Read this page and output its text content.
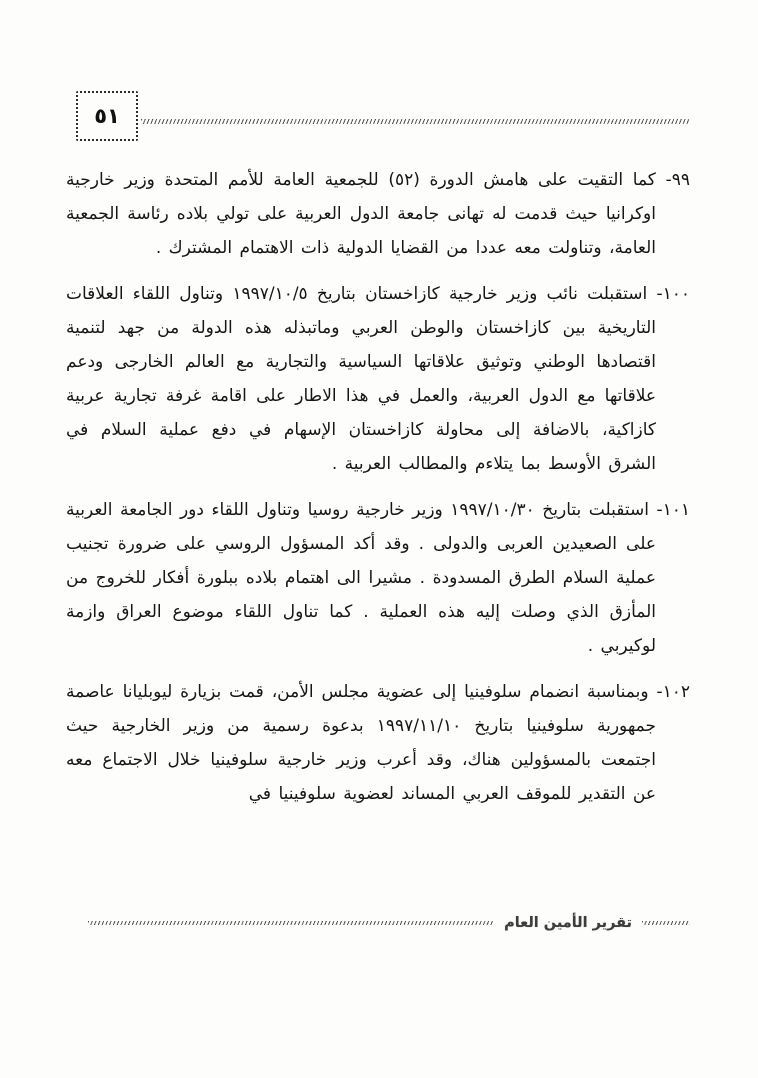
٥١

٩٩- كما التقيت على هامش الدورة (٥٢) للجمعية العامة للأمم المتحدة وزير خارجية اوكرانيا حيث قدمت له تهانى جامعة الدول العربية على تولي بلاده رئاسة الجمعية العامة، وتناولت معه عددا من القضايا الدولية ذات الاهتمام المشترك .

١٠٠- استقبلت نائب وزير خارجية كازاخستان بتاريخ ١٩٩٧/١٠/٥ وتناول اللقاء العلاقات التاريخية بين كازاخستان والوطن العربي وماتبذله هذه الدولة من جهد لتنمية اقتصادها الوطني وتوثيق علاقاتها السياسية والتجارية مع العالم الخارجى ودعم علاقاتها مع الدول العربية، والعمل في هذا الاطار على اقامة غرفة تجارية عربية كازاكية، بالاضافة إلى محاولة كازاخستان الإسهام في دفع عملية السلام في الشرق الأوسط بما يتلاءم والمطالب العربية .

١٠١- استقبلت بتاريخ ١٩٩٧/١٠/٣٠ وزير خارجية روسيا وتناول اللقاء دور الجامعة العربية على الصعيدين العربى والدولى . وقد أكد المسؤول الروسي على ضرورة تجنيب عملية السلام الطرق المسدودة . مشيرا الى اهتمام بلاده ببلورة أفكار للخروج من المأزق الذي وصلت إليه هذه العملية . كما تناول اللقاء موضوع العراق وازمة لوكيربي .

١٠٢- وبمناسبة انضمام سلوفينيا إلى عضوية مجلس الأمن، قمت بزيارة ليوبليانا عاصمة جمهورية سلوفينيا بتاريخ ١٩٩٧/١١/١٠ بدعوة رسمية من وزير الخارجية حيث اجتمعت بالمسؤولين هناك، وقد أعرب وزير خارجية سلوفينيا خلال الاجتماع معه عن التقدير للموقف العربي المساند لعضوية سلوفينيا في

تقرير الأمين العام
